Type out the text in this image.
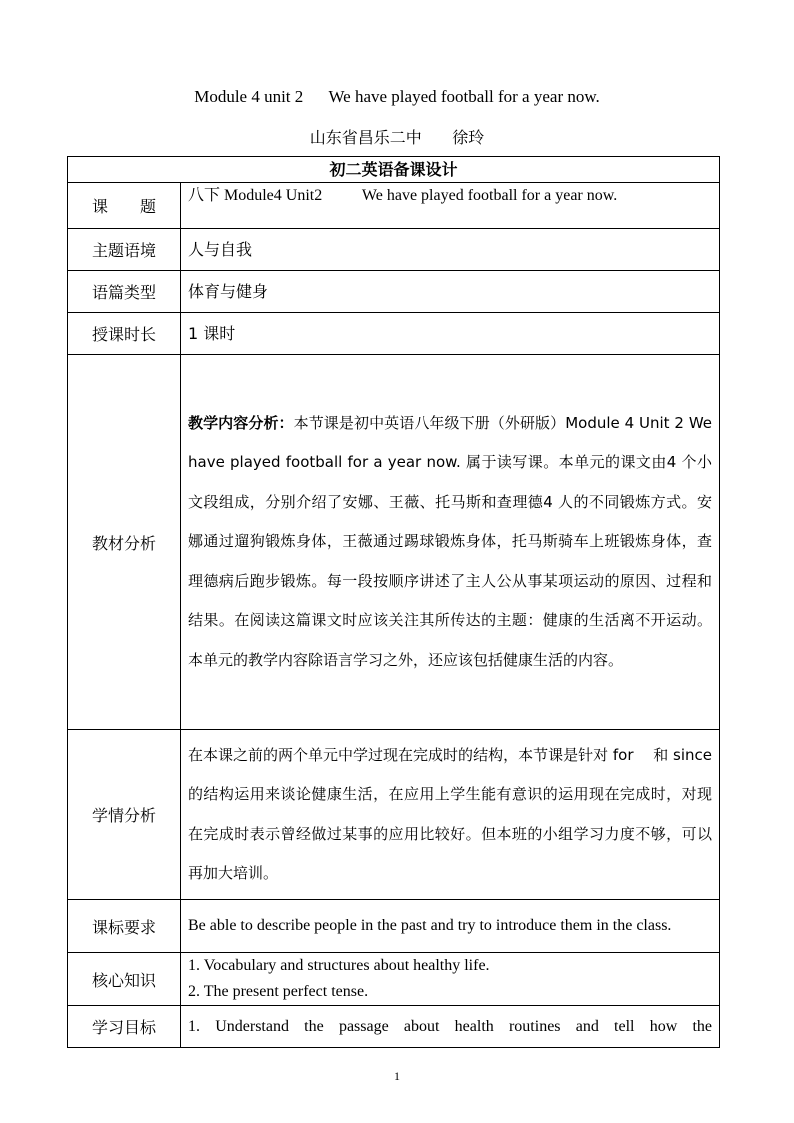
Module 4 unit 2      We have played football for a year now.
山东省昌乐二中      徐玲
初二英语备课设计	
课　　题	八下 Module4 Unit2          We have played football for a year now.
主题语境	人与自我
语篇类型	体育与健身
授课时长	1 课时
教材分析	教学内容分析：本节课是初中英语八年级下册（外研版）Module 4 Unit 2 We have played football for a year now. 属于读写课。本单元的课文由4 个小文段组成，分别介绍了安娜、王薇、托马斯和查理德4 人的不同锻炼方式。安娜通过遛狗锻炼身体，王薇通过踢球锻炼身体，托马斯骑车上班锻炼身体，查理德病后跑步锻炼。每一段按顺序讲述了主人公从事某项运动的原因、过程和结果。在阅读这篇课文时应该关注其所传达的主题：健康的生活离不开运动。本单元的教学内容除语言学习之外，还应该包括健康生活的内容。
学情分析	在本课之前的两个单元中学过现在完成时的结构，本节课是针对 for　 和 since 的结构运用来谈论健康生活，在应用上学生能有意识的运用现在完成时，对现在完成时表示曾经做过某事的应用比较好。但本班的小组学习力度不够，可以再加大培训。
课标要求	Be able to describe people in the past and try to introduce them in the class.
核心知识	1. Vocabulary and structures about healthy life.
2. The present perfect tense.

学习目标	1. Understand the passage about health routines and tell how the
1
